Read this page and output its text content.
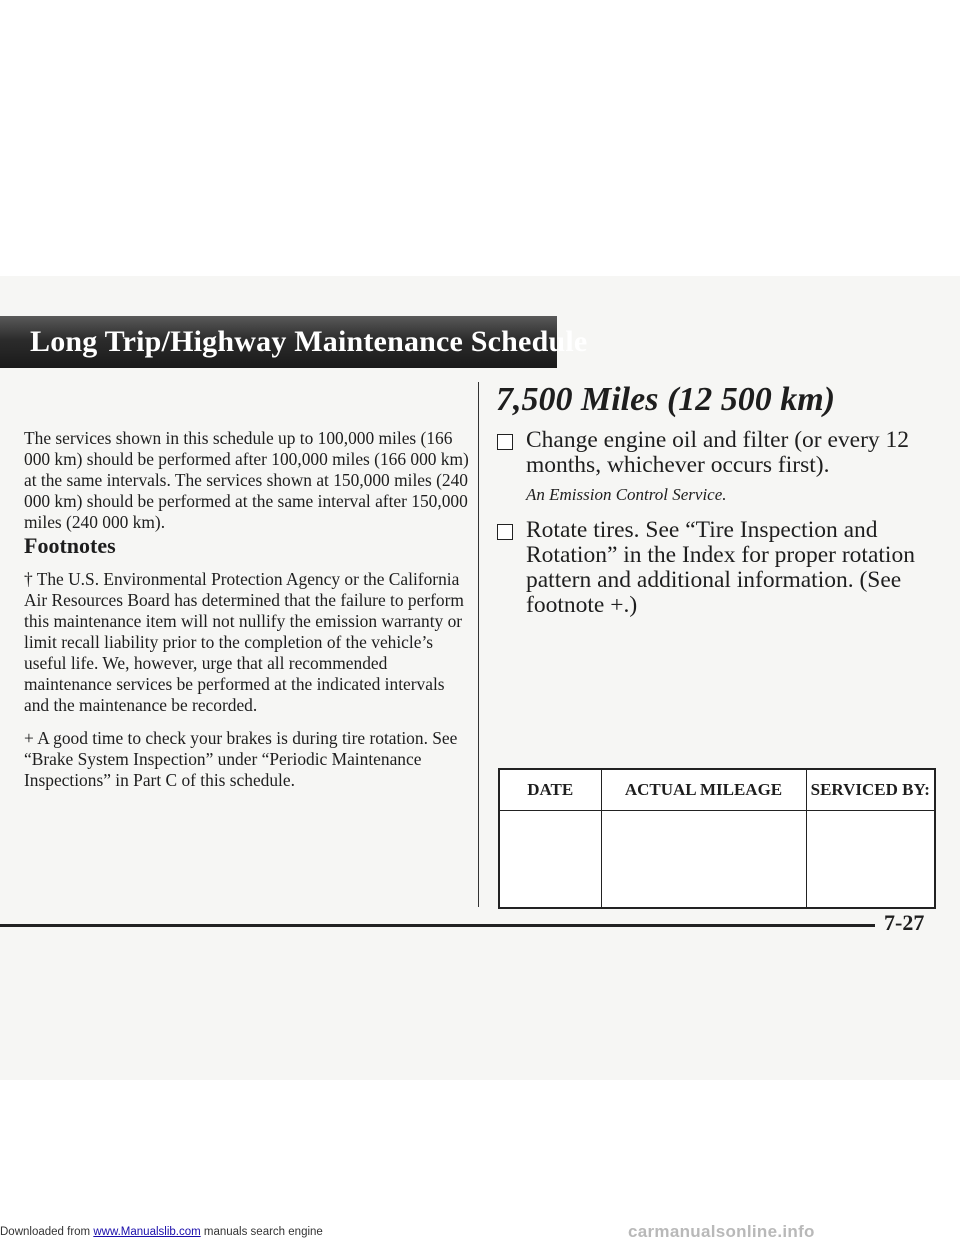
Long Trip/Highway Maintenance Schedule

The services shown in this schedule up to 100,000 miles (166 000 km) should be performed after 100,000 miles (166 000 km) at the same intervals. The services shown at 150,000 miles (240 000 km) should be performed at the same interval after 150,000 miles (240 000 km).

Footnotes

† The U.S. Environmental Protection Agency or the California Air Resources Board has determined that the failure to perform this maintenance item will not nullify the emission warranty or limit recall liability prior to the completion of the vehicle’s useful life. We, however, urge that all recommended maintenance services be performed at the indicated intervals and the maintenance be recorded.

+ A good time to check your brakes is during tire rotation. See “Brake System Inspection” under “Periodic Maintenance Inspections” in Part C of this schedule.

7,500 Miles (12 500 km)
Change engine oil and filter (or every 12 months, whichever occurs first).
An Emission Control Service.
Rotate tires. See “Tire Inspection and Rotation” in the Index for proper rotation pattern and additional information. (See footnote +.)
DATE	ACTUAL MILEAGE	SERVICED BY:

7-27
Downloaded from www.Manualslib.com manuals search engine	carmanualsonline.info
